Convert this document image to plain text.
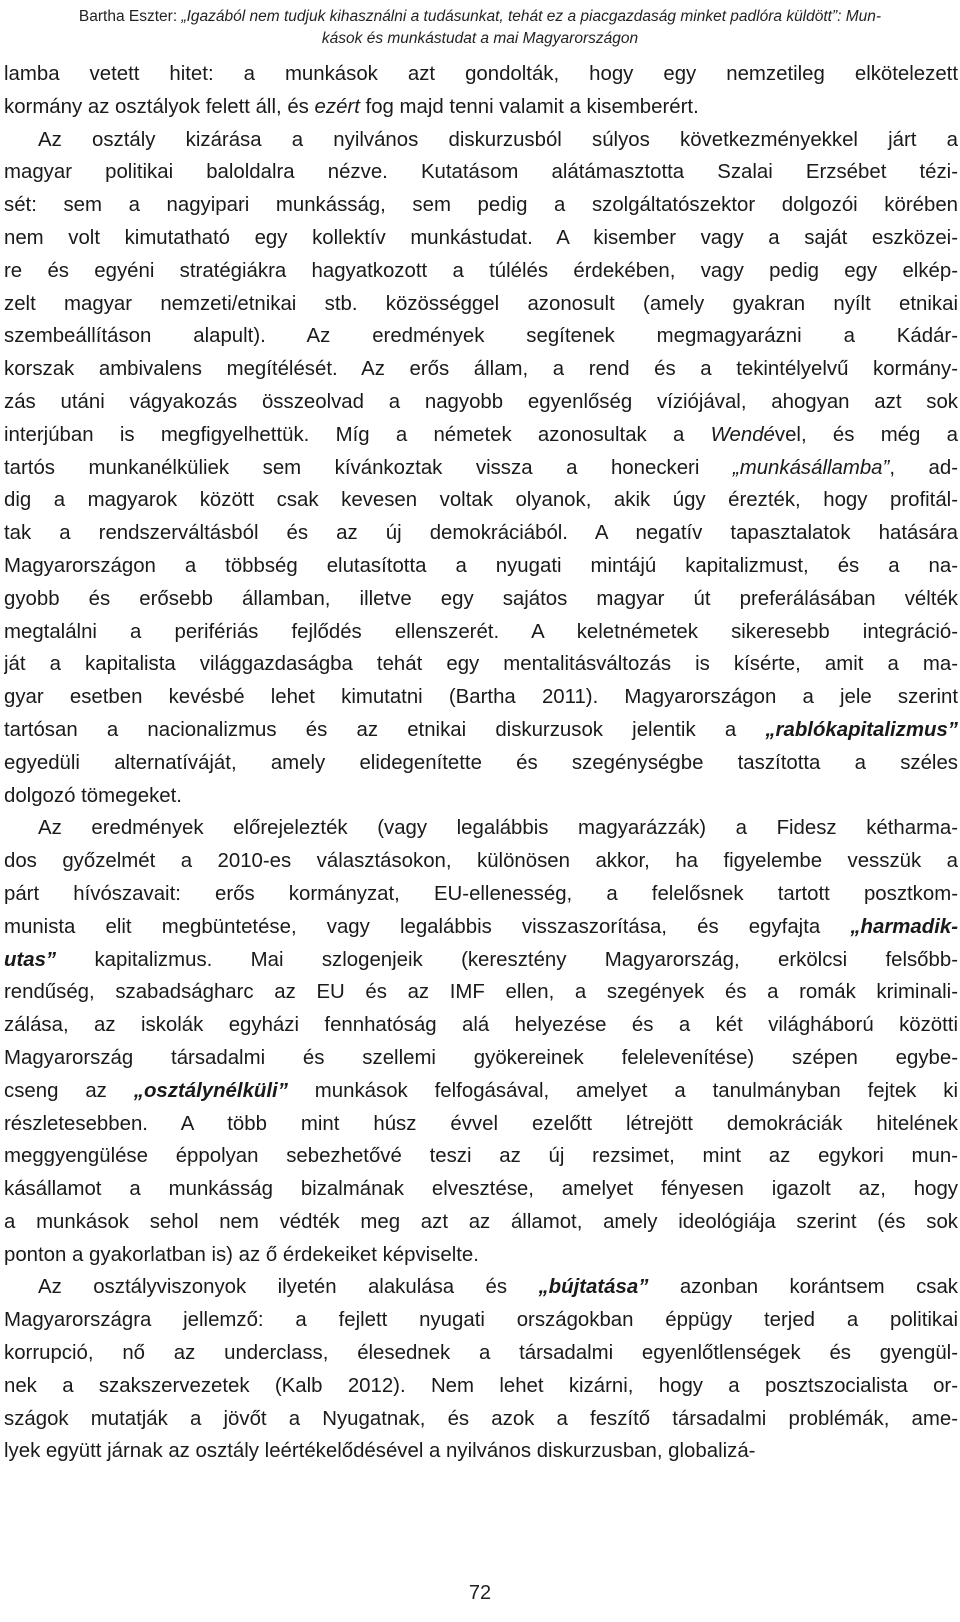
Bartha Eszter: „Igazából nem tudjuk kihasználni a tudásunkat, tehát ez a piacgazdaság minket padlóra küldött”: Mun-
kások és munkástudat a mai Magyarországon
lamba vetett hitet: a munkások azt gondolták, hogy egy nemzetileg elkötelezett
kormány az osztályok felett áll, és ezért fog majd tenni valamit a kisemberért.
Az osztály kizárása a nyilvános diskurzusból súlyos következményekkel járt a
magyar politikai baloldalra nézve. Kutatásom alátámasztotta Szalai Erzsébet tézi-
sét: sem a nagyipari munkásság, sem pedig a szolgáltatószektor dolgozói körében
nem volt kimutatható egy kollektív munkástudat. A kisember vagy a saját eszközei-
re és egyéni stratégiákra hagyatkozott a túlélés érdekében, vagy pedig egy elkép-
zelt magyar nemzeti/etnikai stb. közösséggel azonosult (amely gyakran nyílt etnikai
szembeállításon alapult). Az eredmények segítenek megmagyarázni a Kádár-
korszak ambivalens megítélését. Az erős állam, a rend és a tekintélyelvű kormány-
zás utáni vágyakozás összeolvad a nagyobb egyenlőség víziójával, ahogyan azt sok
interjúban is megfigyelhettük. Míg a németek azonosultak a Wendével, és még a
tartós munkanélküliek sem kívánkoztak vissza a honeckeri „munkásállamba”, ad-
dig a magyarok között csak kevesen voltak olyanok, akik úgy érezték, hogy profitál-
tak a rendszerváltásból és az új demokráciából. A negatív tapasztalatok hatására
Magyarországon a többség elutasította a nyugati mintájú kapitalizmust, és a na-
gyobb és erősebb államban, illetve egy sajátos magyar út preferálásában vélték
megtalálni a perifériás fejlődés ellenszerét. A keletnémetek sikeresebb integráció-
ját a kapitalista világgazdaságba tehát egy mentalitásváltozás is kísérte, amit a ma-
gyar esetben kevésbé lehet kimutatni (Bartha 2011). Magyarországon a jele szerint
tartósan a nacionalizmus és az etnikai diskurzusok jelentik a „rablókapitalizmus”
egyedüli alternatíváját, amely elidegenítette és szegénységbe taszította a széles
dolgozó tömegeket.
Az eredmények előrejelezték (vagy legalábbis magyarázzák) a Fidesz kétharma-
dos győzelmét a 2010-es választásokon, különösen akkor, ha figyelembe vesszük a
párt hívószavait: erős kormányzat, EU-ellenesség, a felelősnek tartott posztkom-
munista elit megbüntetése, vagy legalábbis visszaszorítása, és egyfajta „harmadik-
utas” kapitalizmus. Mai szlogenjeik (keresztény Magyarország, erkölcsi felsőbb-
rendűség, szabadságharc az EU és az IMF ellen, a szegények és a romák kriminali-
zálása, az iskolák egyházi fennhatóság alá helyezése és a két világháború közötti
Magyarország társadalmi és szellemi gyökereinek felelevenítése) szépen egybe-
cseng az „osztálynélküli” munkások felfogásával, amelyet a tanulmányban fejtek ki
részletesebben. A több mint húsz évvel ezelőtt létrejött demokráciák hitelének
meggyengülése éppolyan sebezhetővé teszi az új rezsimet, mint az egykori mun-
kásállamot a munkásság bizalmának elvesztése, amelyet fényesen igazolt az, hogy
a munkások sehol nem védték meg azt az államot, amely ideológiája szerint (és sok
ponton a gyakorlatban is) az ő érdekeiket képviselte.
Az osztályviszonyok ilyetén alakulása és „bújtatása” azonban korántsem csak
Magyarországra jellemző: a fejlett nyugati országokban éppügy terjed a politikai
korrupció, nő az underclass, élesednek a társadalmi egyenlőtlenségek és gyengül-
nek a szakszervezetek (Kalb 2012). Nem lehet kizárni, hogy a posztszocialista or-
szágok mutatják a jövőt a Nyugatnak, és azok a feszítő társadalmi problémák, ame-
lyek együtt járnak az osztály leértékelődésével a nyilvános diskurzusban, globalizá-
72
